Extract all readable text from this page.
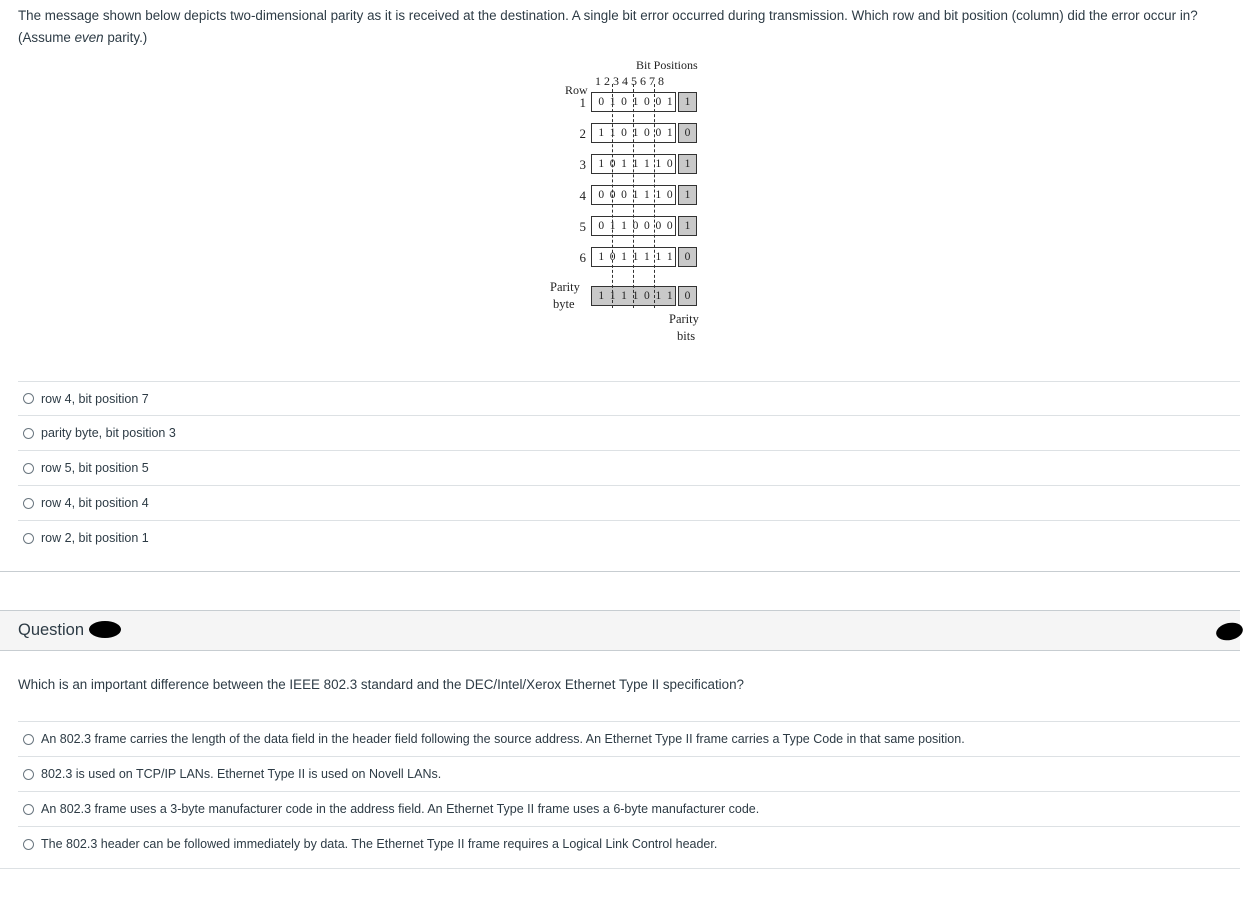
The message shown below depicts two-dimensional parity as it is received at the destination. A single bit error occurred during transmission. Which row and bit position (column) did the error occur in? (Assume even parity.)
Bit Positions
1 2 3 4 5 6 7 8
Row
1 0 1 0 1 0 0 1	1
2 1 1 0 1 0 0 1	0
3 1 0 1 1 1 1 0	1
4 0 0 0 1 1 1 0	1
5 0 1 1 0 0 0 0	1
6 1 0 1 1 1 1 1	0
1 1 1 1 0 1 1	0
Parity
byte
Parity
bits
row 4, bit position 7
parity byte, bit position 3
row 5, bit position 5
row 4, bit position 4
row 2, bit position 1
Question
Which is an important difference between the IEEE 802.3 standard and the DEC/Intel/Xerox Ethernet Type II specification?
An 802.3 frame carries the length of the data field in the header field following the source address. An Ethernet Type II frame carries a Type Code in that same position.
802.3 is used on TCP/IP LANs. Ethernet Type II is used on Novell LANs.
An 802.3 frame uses a 3-byte manufacturer code in the address field. An Ethernet Type II frame uses a 6-byte manufacturer code.
The 802.3 header can be followed immediately by data. The Ethernet Type II frame requires a Logical Link Control header.
